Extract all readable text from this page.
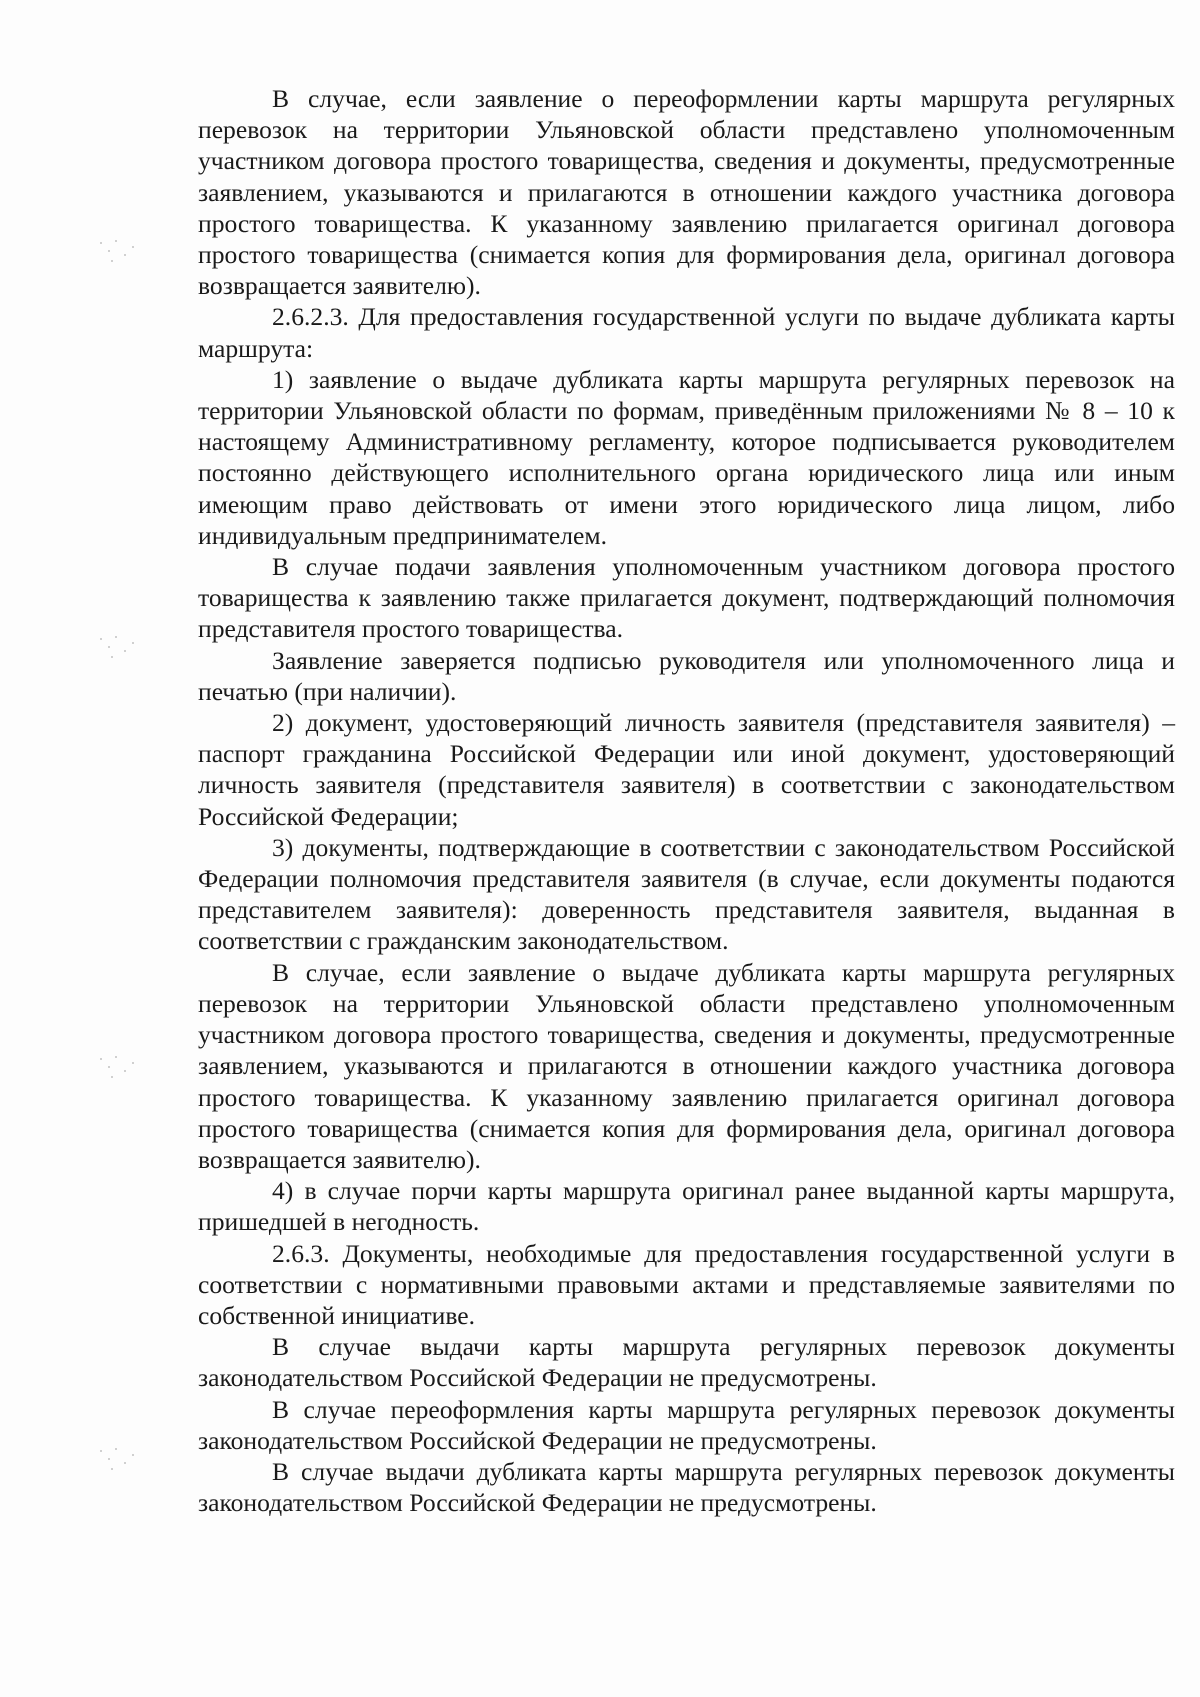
В случае, если заявление о переоформлении карты маршрута регулярных перевозок на территории Ульяновской области представлено уполномоченным участником договора простого товарищества, сведения и документы, предусмотренные заявлением, указываются и прилагаются в отношении каждого участника договора простого товарищества. К указанному заявлению прилагается оригинал договора простого товарищества (снимается копия для формирования дела, оригинал договора возвращается заявителю).

2.6.2.3. Для предоставления государственной услуги по выдаче дубликата карты маршрута:

1) заявление о выдаче дубликата карты маршрута регулярных перевозок на территории Ульяновской области по формам, приведённым приложениями № 8 – 10 к настоящему Административному регламенту, которое подписывается руководителем постоянно действующего исполнительного органа юридического лица или иным имеющим право действовать от имени этого юридического лица лицом, либо индивидуальным предпринимателем.

В случае подачи заявления уполномоченным участником договора простого товарищества к заявлению также прилагается документ, подтверждающий полномочия представителя простого товарищества.

Заявление заверяется подписью руководителя или уполномоченного лица и печатью (при наличии).

2) документ, удостоверяющий личность заявителя (представителя заявителя) – паспорт гражданина Российской Федерации или иной документ, удостоверяющий личность заявителя (представителя заявителя) в соответствии с законодательством Российской Федерации;

3) документы, подтверждающие в соответствии с законодательством Российской Федерации полномочия представителя заявителя (в случае, если документы подаются представителем заявителя): доверенность представителя заявителя, выданная в соответствии с гражданским законодательством.

В случае, если заявление о выдаче дубликата карты маршрута регулярных перевозок на территории Ульяновской области представлено уполномоченным участником договора простого товарищества, сведения и документы, предусмотренные заявлением, указываются и прилагаются в отношении каждого участника договора простого товарищества. К указанному заявлению прилагается оригинал договора простого товарищества (снимается копия для формирования дела, оригинал договора возвращается заявителю).

4) в случае порчи карты маршрута оригинал ранее выданной карты маршрута, пришедшей в негодность.

2.6.3. Документы, необходимые для предоставления государственной услуги в соответствии с нормативными правовыми актами и представляемые заявителями по собственной инициативе.

В случае выдачи карты маршрута регулярных перевозок документы законодательством Российской Федерации не предусмотрены.

В случае переоформления карты маршрута регулярных перевозок документы законодательством Российской Федерации не предусмотрены.

В случае выдачи дубликата карты маршрута регулярных перевозок документы законодательством Российской Федерации не предусмотрены.
